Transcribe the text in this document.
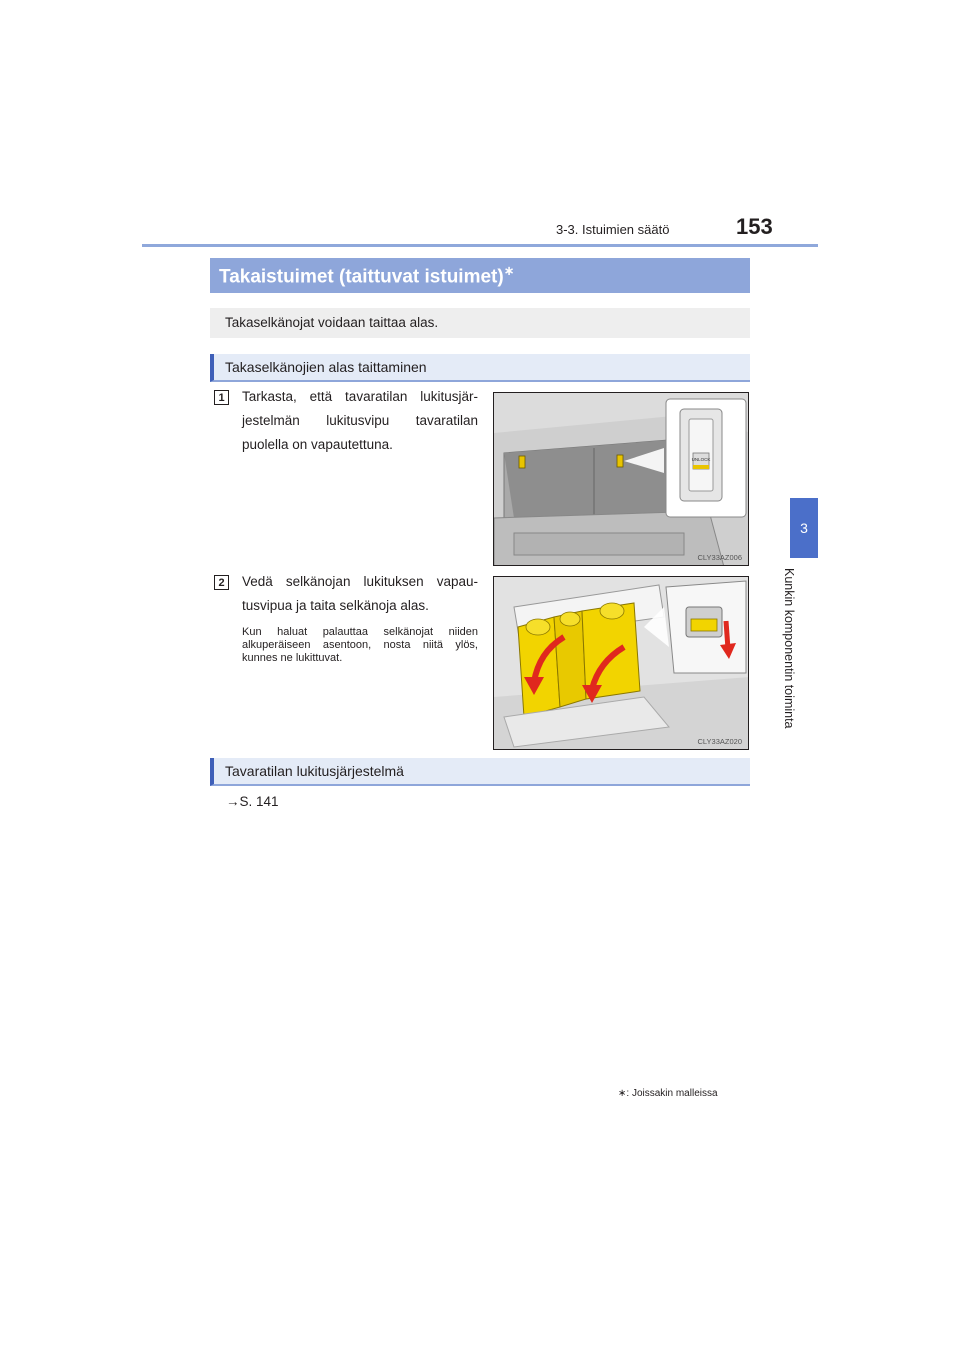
3-3. Istuimien säätö	153
3
Kunkin komponentin toiminta
Takaistuimet (taittuvat istuimet)∗
Takaselkänojat voidaan taittaa alas.
Takaselkänojien alas taittaminen
1	Tarkasta, että tavaratilan lukitusjär- jestelmän lukitusvipu tavaratilan puolella on vapautettuna.
UNLOCK
CLY33AZ006
2	Vedä selkänojan lukituksen vapau- tusvipua ja taita selkänoja alas.
Kun haluat palauttaa selkänojat niiden alkuperäiseen asentoon, nosta niitä ylös, kunnes ne lukittuvat.
CLY33AZ020
Tavaratilan lukitusjärjestelmä
→S. 141
∗: Joissakin malleissa
